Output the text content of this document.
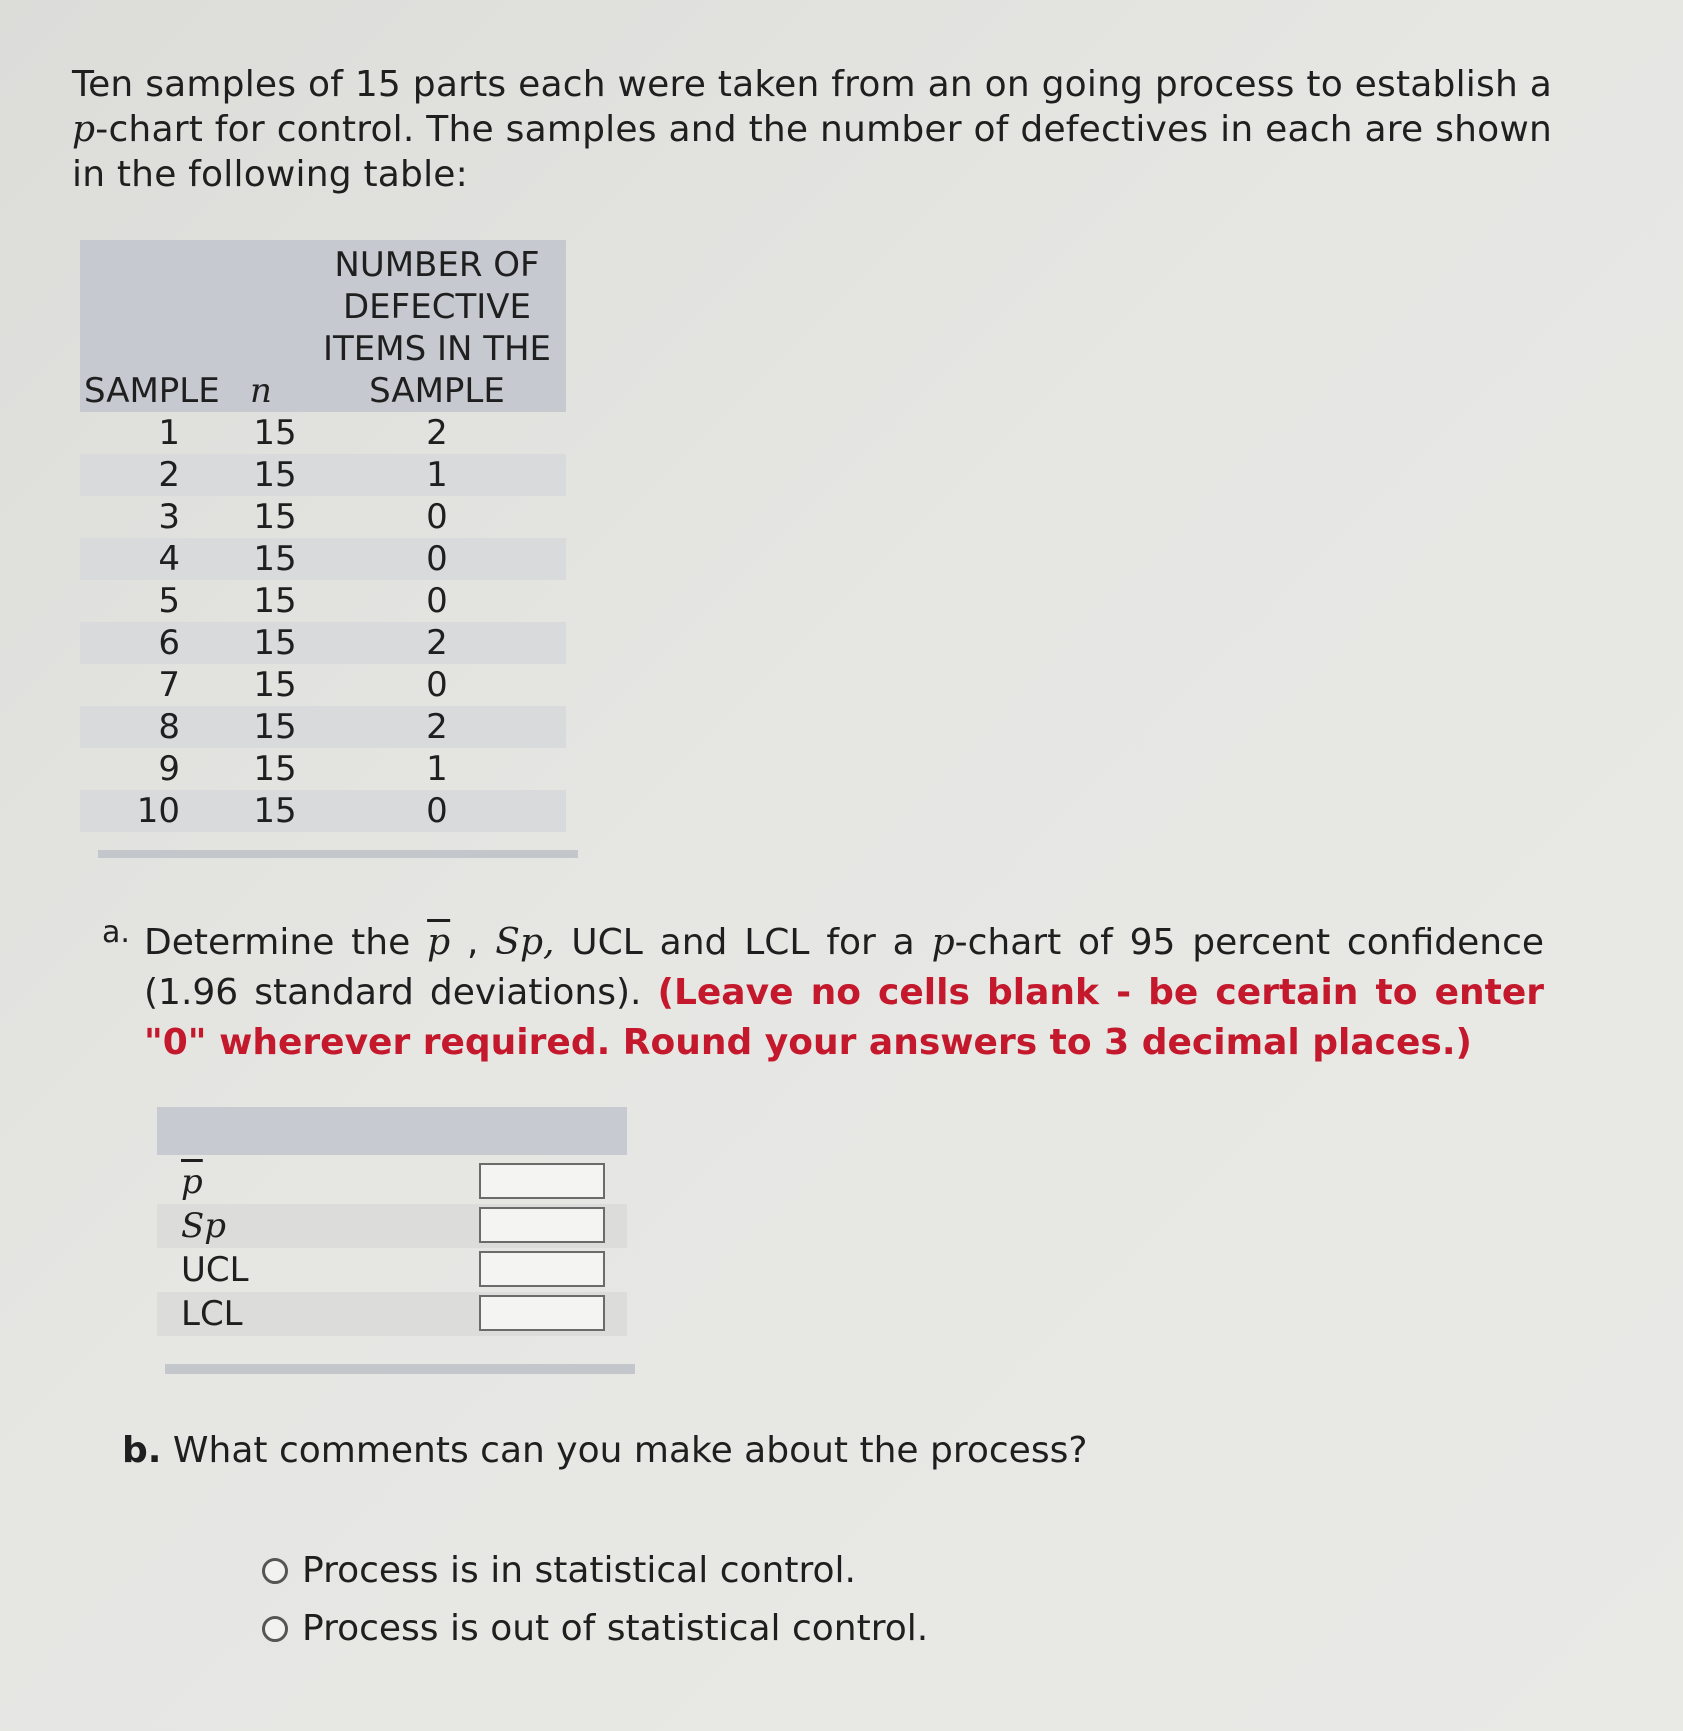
Ten samples of 15 parts each were taken from an on going process to establish a p-chart for control. The samples and the number of defectives in each are shown in the following table:
SAMPLE n
NUMBER OF
DEFECTIVE
ITEMS IN THE
SAMPLE
1	15	2
2	15	1
3	15	0
4	15	0
5	15	0
6	15	2
7	15	0
8	15	2
9	15	1
10	15	0
a. Determine the $\overline{p}$ , Sp, UCL and LCL for a p-chart of 95 percent confidence (1.96 standard deviations). (Leave no cells blank - be certain to enter "0" wherever required. Round your answers to 3 decimal places.)
$\overline{p}$
Sp
UCL
LCL
b. What comments can you make about the process?
Process is in statistical control.
Process is out of statistical control.
